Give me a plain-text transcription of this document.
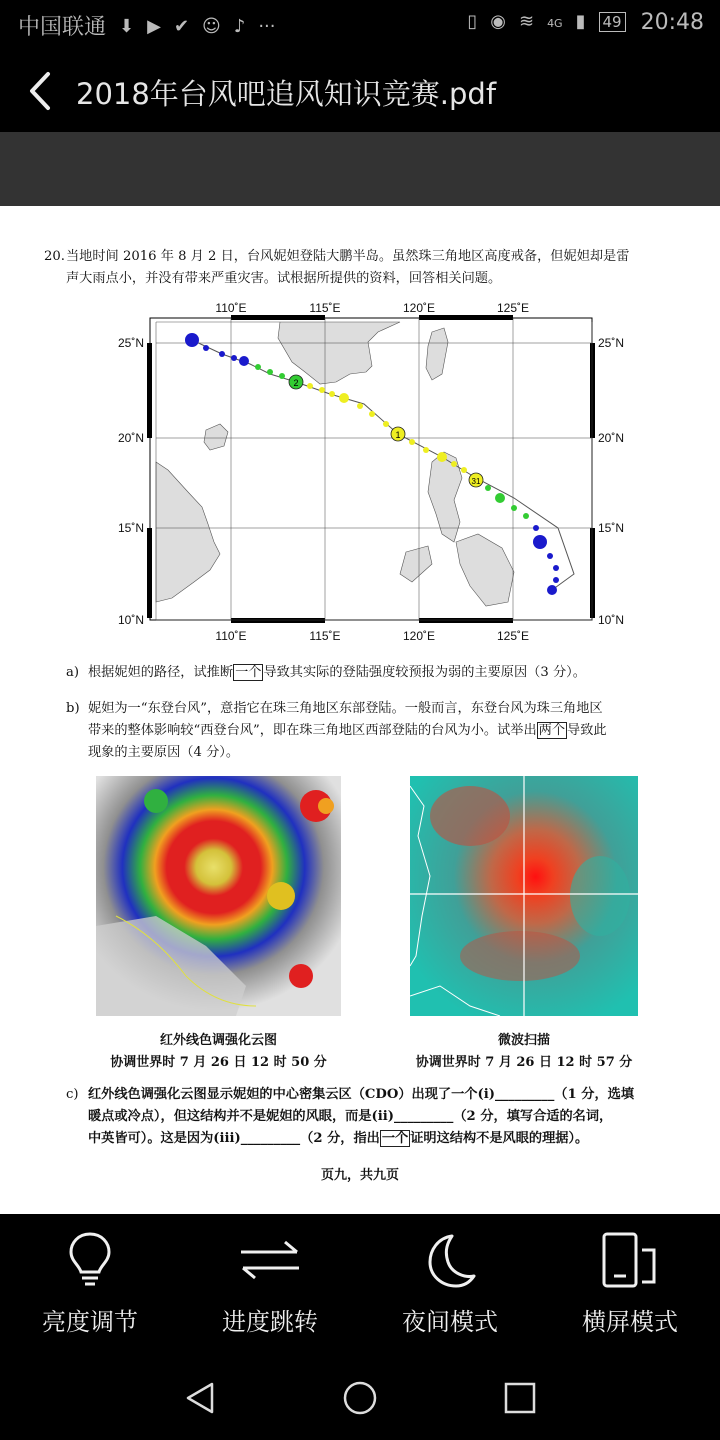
中国联通 ⬇ ▶ ✔ ☺ ♪ ···	▯ ◉ ≋ 4G ▮ 49 20:48
2018年台风吧追风知识竞赛.pdf
20.当地时间 2016 年 8 月 2 日，台风妮妲登陆大鹏半岛。虽然珠三角地区高度戒备，但妮妲却是雷
声大雨点小，并没有带来严重灾害。试根据所提供的资料，回答相关问题。
2
1
31
110˚E	115˚E	120˚E	125˚E
110˚E	115˚E	120˚E	125˚E
25˚N
20˚N
15˚N
10˚N
25˚N
20˚N
15˚N
10˚N
a) 根据妮妲的路径，试推断 一个 导致其实际的登陆强度较预报为弱的主要原因（3 分）。
b) 妮妲为一“东登台风”，意指它在珠三角地区东部登陆。一般而言，东登台风为珠三角地区
带来的整体影响较“西登台风”，即在珠三角地区西部登陆的台风为小。试举出 两个 导致此
现象的主要原因（4 分）。
红外线色调强化云图
协调世界时 7 月 26 日 12 时 50 分
微波扫描
协调世界时 7 月 26 日 12 时 57 分
c) 红外线色调强化云图显示妮妲的中心密集云区（CDO）出现了一个(i)_________（1 分，选填
暖点或冷点），但这结构并不是妮妲的风眼，而是(ii)_________（2 分，填写合适的名词，
中英皆可）。这是因为(iii)_________（2 分，指出 一个 证明这结构不是风眼的理据）。
页九，共九页
亮度调节	进度跳转	夜间模式	横屏模式
